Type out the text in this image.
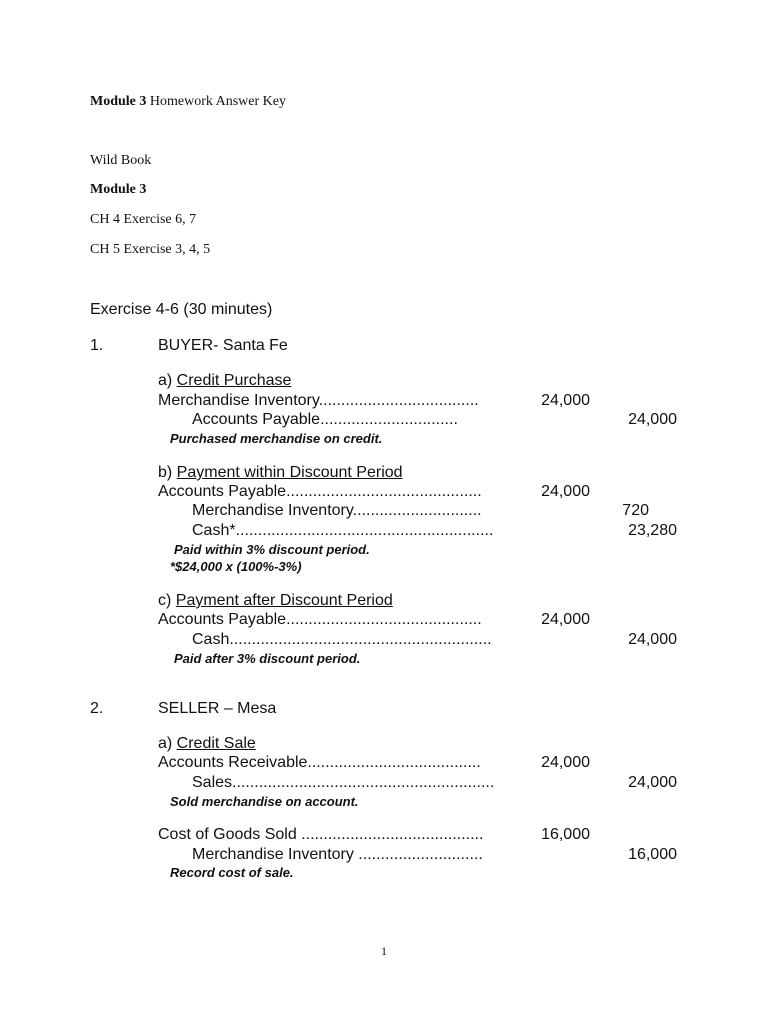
Module 3 Homework Answer Key
Wild Book
Module 3
CH 4 Exercise 6, 7
CH 5 Exercise 3, 4, 5
Exercise 4-6 (30 minutes)
1.	BUYER- Santa Fe
a) Credit Purchase
Merchandise Inventory....................................	24,000
Accounts Payable...............................	24,000
Purchased merchandise on credit.
b) Payment within Discount Period
Accounts Payable............................................	24,000
Merchandise Inventory.............................	720
Cash*..........................................................	23,280
Paid within 3% discount period.
*$24,000 x (100%-3%)
c) Payment after Discount Period
Accounts Payable............................................	24,000
Cash...........................................................	24,000
Paid after 3% discount period.
2.	SELLER – Mesa
a) Credit Sale
Accounts Receivable.......................................	24,000
Sales...........................................................	24,000
Sold merchandise on account.
Cost of Goods Sold .........................................	16,000
Merchandise Inventory ............................	16,000
Record cost of sale.
1
